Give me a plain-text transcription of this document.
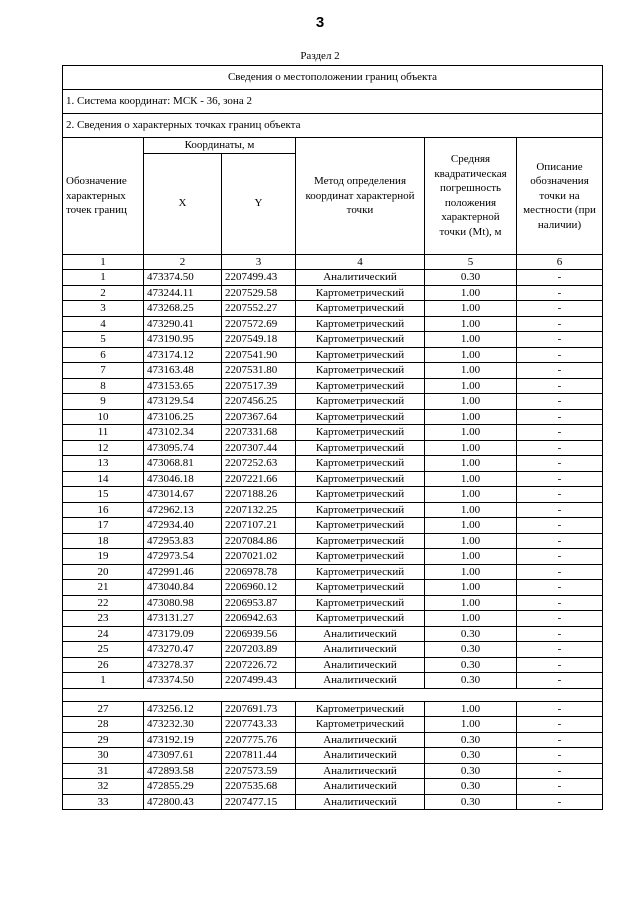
3
Раздел 2
Сведения о местоположении границ объекта					
1. Система координат: МСК - 36, зона 2					
2. Сведения о характерных точках границ объекта					
Обозначение характерных точек границ	Координаты, м		Метод определения координат характерной точки	Средняя квадратическая погрешность положения характерной точки (Mt), м	Описание обозначения точки на местности (при наличии)
	X	Y			
1	2	3	4	5	6
1	473374.50	2207499.43	Аналитический	0.30	-
2	473244.11	2207529.58	Картометрический	1.00	-
3	473268.25	2207552.27	Картометрический	1.00	-
4	473290.41	2207572.69	Картометрический	1.00	-
5	473190.95	2207549.18	Картометрический	1.00	-
6	473174.12	2207541.90	Картометрический	1.00	-
7	473163.48	2207531.80	Картометрический	1.00	-
8	473153.65	2207517.39	Картометрический	1.00	-
9	473129.54	2207456.25	Картометрический	1.00	-
10	473106.25	2207367.64	Картометрический	1.00	-
11	473102.34	2207331.68	Картометрический	1.00	-
12	473095.74	2207307.44	Картометрический	1.00	-
13	473068.81	2207252.63	Картометрический	1.00	-
14	473046.18	2207221.66	Картометрический	1.00	-
15	473014.67	2207188.26	Картометрический	1.00	-
16	472962.13	2207132.25	Картометрический	1.00	-
17	472934.40	2207107.21	Картометрический	1.00	-
18	472953.83	2207084.86	Картометрический	1.00	-
19	472973.54	2207021.02	Картометрический	1.00	-
20	472991.46	2206978.78	Картометрический	1.00	-
21	473040.84	2206960.12	Картометрический	1.00	-
22	473080.98	2206953.87	Картометрический	1.00	-
23	473131.27	2206942.63	Картометрический	1.00	-
24	473179.09	2206939.56	Аналитический	0.30	-
25	473270.47	2207203.89	Аналитический	0.30	-
26	473278.37	2207226.72	Аналитический	0.30	-
1	473374.50	2207499.43	Аналитический	0.30	-

27	473256.12	2207691.73	Картометрический	1.00	-
28	473232.30	2207743.33	Картометрический	1.00	-
29	473192.19	2207775.76	Аналитический	0.30	-
30	473097.61	2207811.44	Аналитический	0.30	-
31	472893.58	2207573.59	Аналитический	0.30	-
32	472855.29	2207535.68	Аналитический	0.30	-
33	472800.43	2207477.15	Аналитический	0.30	-
